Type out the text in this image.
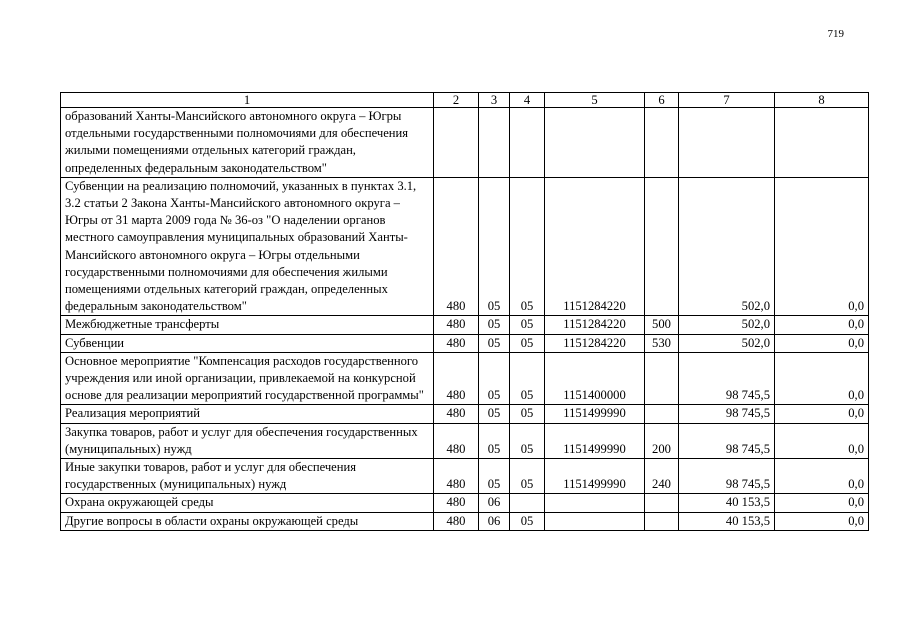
719
1	2	3	4	5	6	7	8
образований Ханты-Мансийского автономного округа – Югры отдельными государственными полномочиями для обеспечения жилыми помещениями отдельных категорий граждан, определенных федеральным законодательством"							
Субвенции на реализацию полномочий, указанных в пунктах 3.1, 3.2 статьи 2 Закона Ханты-Мансийского автономного округа – Югры от 31 марта 2009 года № 36-оз "О наделении органов местного самоуправления муниципальных образований Ханты-Мансийского автономного округа – Югры отдельными государственными полномочиями для обеспечения жилыми помещениями отдельных категорий граждан, определенных федеральным законодательством"	480	05	05	1151284220		502,0	0,0
Межбюджетные трансферты	480	05	05	1151284220	500	502,0	0,0
Субвенции	480	05	05	1151284220	530	502,0	0,0
Основное мероприятие "Компенсация расходов государственного учреждения или иной организации, привлекаемой на конкурсной основе для реализации мероприятий государственной программы"	480	05	05	1151400000		98 745,5	0,0
Реализация мероприятий	480	05	05	1151499990		98 745,5	0,0
Закупка товаров, работ и услуг для обеспечения государственных (муниципальных) нужд	480	05	05	1151499990	200	98 745,5	0,0
Иные закупки товаров, работ и услуг для обеспечения государственных (муниципальных) нужд	480	05	05	1151499990	240	98 745,5	0,0
Охрана окружающей среды	480	06				40 153,5	0,0
Другие вопросы в области охраны окружающей среды	480	06	05			40 153,5	0,0
